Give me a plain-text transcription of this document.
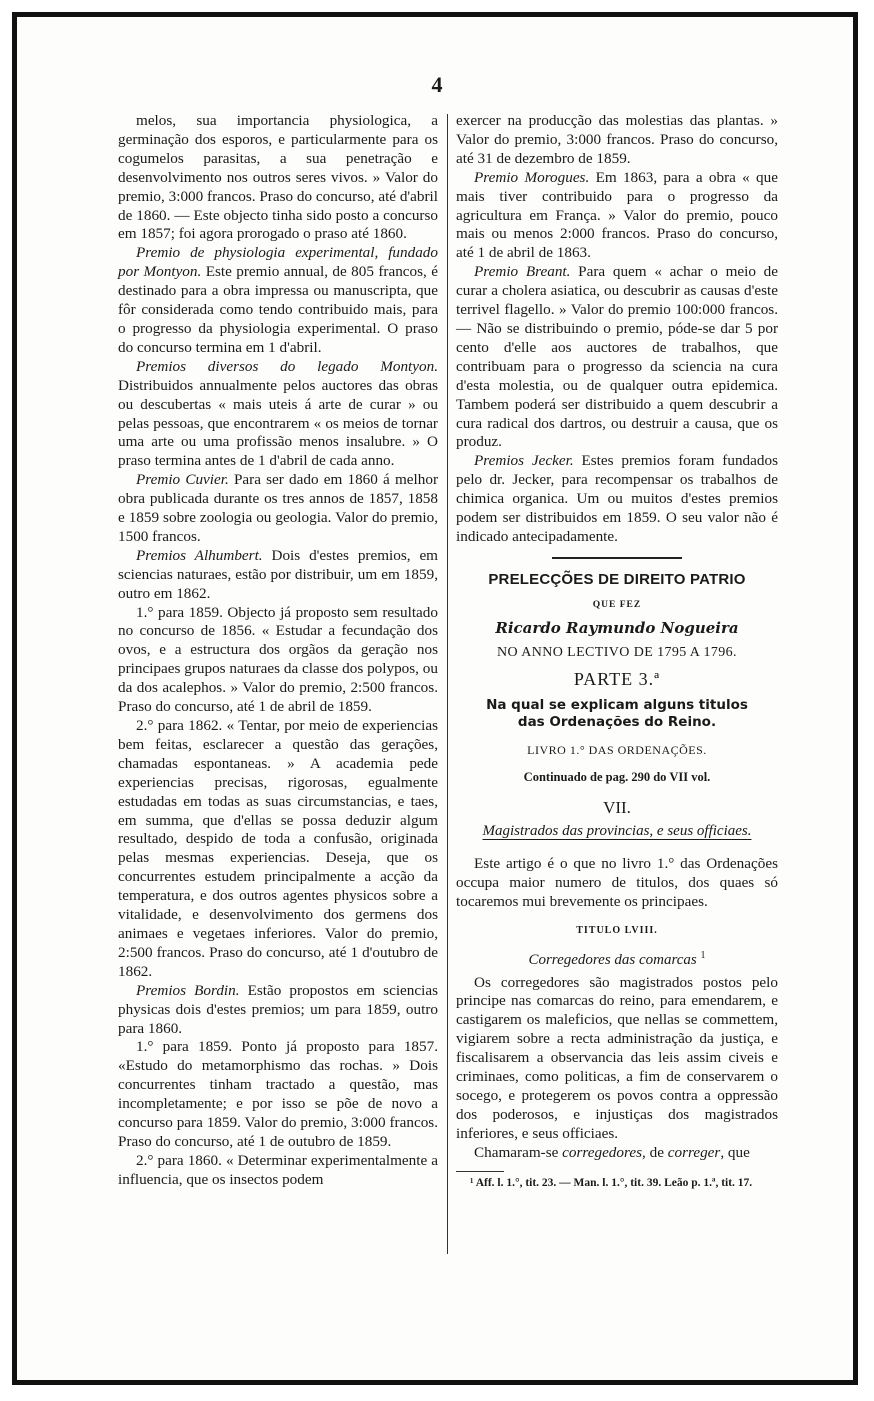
4

melos, sua importancia physiologica, a germinação dos esporos, e particularmente para os cogumelos parasitas, a sua penetração e desenvolvimento nos outros seres vivos. » Valor do premio, 3:000 francos. Praso do concurso, até d'abril de 1860. — Este objecto tinha sido posto a concurso em 1857; foi agora prorogado o praso até 1860.

Premio de physiologia experimental, fundado por Montyon. Este premio annual, de 805 francos, é destinado para a obra impressa ou manuscripta, que fôr considerada como tendo contribuido mais, para o progresso da physiologia experimental. O praso do concurso termina em 1 d'abril.

Premios diversos do legado Montyon. Distribuidos annualmente pelos auctores das obras ou descubertas « mais uteis á arte de curar » ou pelas pessoas, que encontrarem « os meios de tornar uma arte ou uma profissão menos insalubre. » O praso termina antes de 1 d'abril de cada anno.

Premio Cuvier. Para ser dado em 1860 á melhor obra publicada durante os tres annos de 1857, 1858 e 1859 sobre zoologia ou geologia. Valor do premio, 1500 francos.

Premios Alhumbert. Dois d'estes premios, em sciencias naturaes, estão por distribuir, um em 1859, outro em 1862.

1.° para 1859. Objecto já proposto sem resultado no concurso de 1856. « Estudar a fecundação dos ovos, e a estructura dos orgãos da geração nos principaes grupos naturaes da classe dos polypos, ou da dos acalephos. » Valor do premio, 2:500 francos. Praso do concurso, até 1 de abril de 1859.

2.° para 1862. « Tentar, por meio de experiencias bem feitas, esclarecer a questão das gerações, chamadas espontaneas. » A academia pede experiencias precisas, rigorosas, egualmente estudadas em todas as suas circumstancias, e taes, em summa, que d'ellas se possa deduzir algum resultado, despido de toda a confusão, originada pelas mesmas experiencias. Deseja, que os concurrentes estudem principalmente a acção da temperatura, e dos outros agentes physicos sobre a vitalidade, e desenvolvimento dos germens dos animaes e vegetaes inferiores. Valor do premio, 2:500 francos. Praso do concurso, até 1 d'outubro de 1862.

Premios Bordin. Estão propostos em sciencias physicas dois d'estes premios; um para 1859, outro para 1860.

1.° para 1859. Ponto já proposto para 1857. «Estudo do metamorphismo das rochas. » Dois concurrentes tinham tractado a questão, mas incompletamente; e por isso se põe de novo a concurso para 1859. Valor do premio, 3:000 francos. Praso do concurso, até 1 de outubro de 1859.

2.° para 1860. « Determinar experimentalmente a influencia, que os insectos podem

exercer na producção das molestias das plantas. » Valor do premio, 3:000 francos. Praso do concurso, até 31 de dezembro de 1859.

Premio Morogues. Em 1863, para a obra « que mais tiver contribuido para o progresso da agricultura em França. » Valor do premio, pouco mais ou menos 2:000 francos. Praso do concurso, até 1 de abril de 1863.

Premio Breant. Para quem « achar o meio de curar a cholera asiatica, ou descubrir as causas d'este terrivel flagello. » Valor do premio 100:000 francos. — Não se distribuindo o premio, póde-se dar 5 por cento d'elle aos auctores de trabalhos, que contribuam para o progresso da sciencia na cura d'esta molestia, ou de qualquer outra epidemica. Tambem poderá ser distribuido a quem descubrir a cura radical dos dartros, ou destruir a causa, que os produz.

Premios Jecker. Estes premios foram fundados pelo dr. Jecker, para recompensar os trabalhos de chimica organica. Um ou muitos d'estes premios podem ser distribuidos em 1859. O seu valor não é indicado antecipadamente.

PRELECÇÕES DE DIREITO PATRIO
QUE FEZ
Ricardo Raymundo Nogueira
NO ANNO LECTIVO DE 1795 A 1796.
PARTE 3.ª
Na qual se explicam alguns titulos
das Ordenações do Reino.
LIVRO 1.° DAS ORDENAÇÕES.
Continuado de pag. 290 do VII vol.
VII.
Magistrados das provincias, e seus officiaes.

Este artigo é o que no livro 1.° das Ordenações occupa maior numero de titulos, dos quaes só tocaremos mui brevemente os principaes.

TITULO LVIII.
Corregedores das comarcas $^1$

Os corregedores são magistrados postos pelo principe nas comarcas do reino, para emendarem, e castigarem os maleficios, que nellas se commettem, vigiarem sobre a recta administração da justiça, e fiscalisarem a observancia das leis assim civeis e criminaes, como politicas, a fim de conservarem o socego, e protegerem os povos contra a oppressão dos poderosos, e injustiças dos magistrados inferiores, e seus officiaes.

Chamaram-se corregedores, de correger, que

¹ Aff. l. 1.°, tit. 23. — Man. l. 1.°, tit. 39. Leão p. 1.ª, tit. 17.
